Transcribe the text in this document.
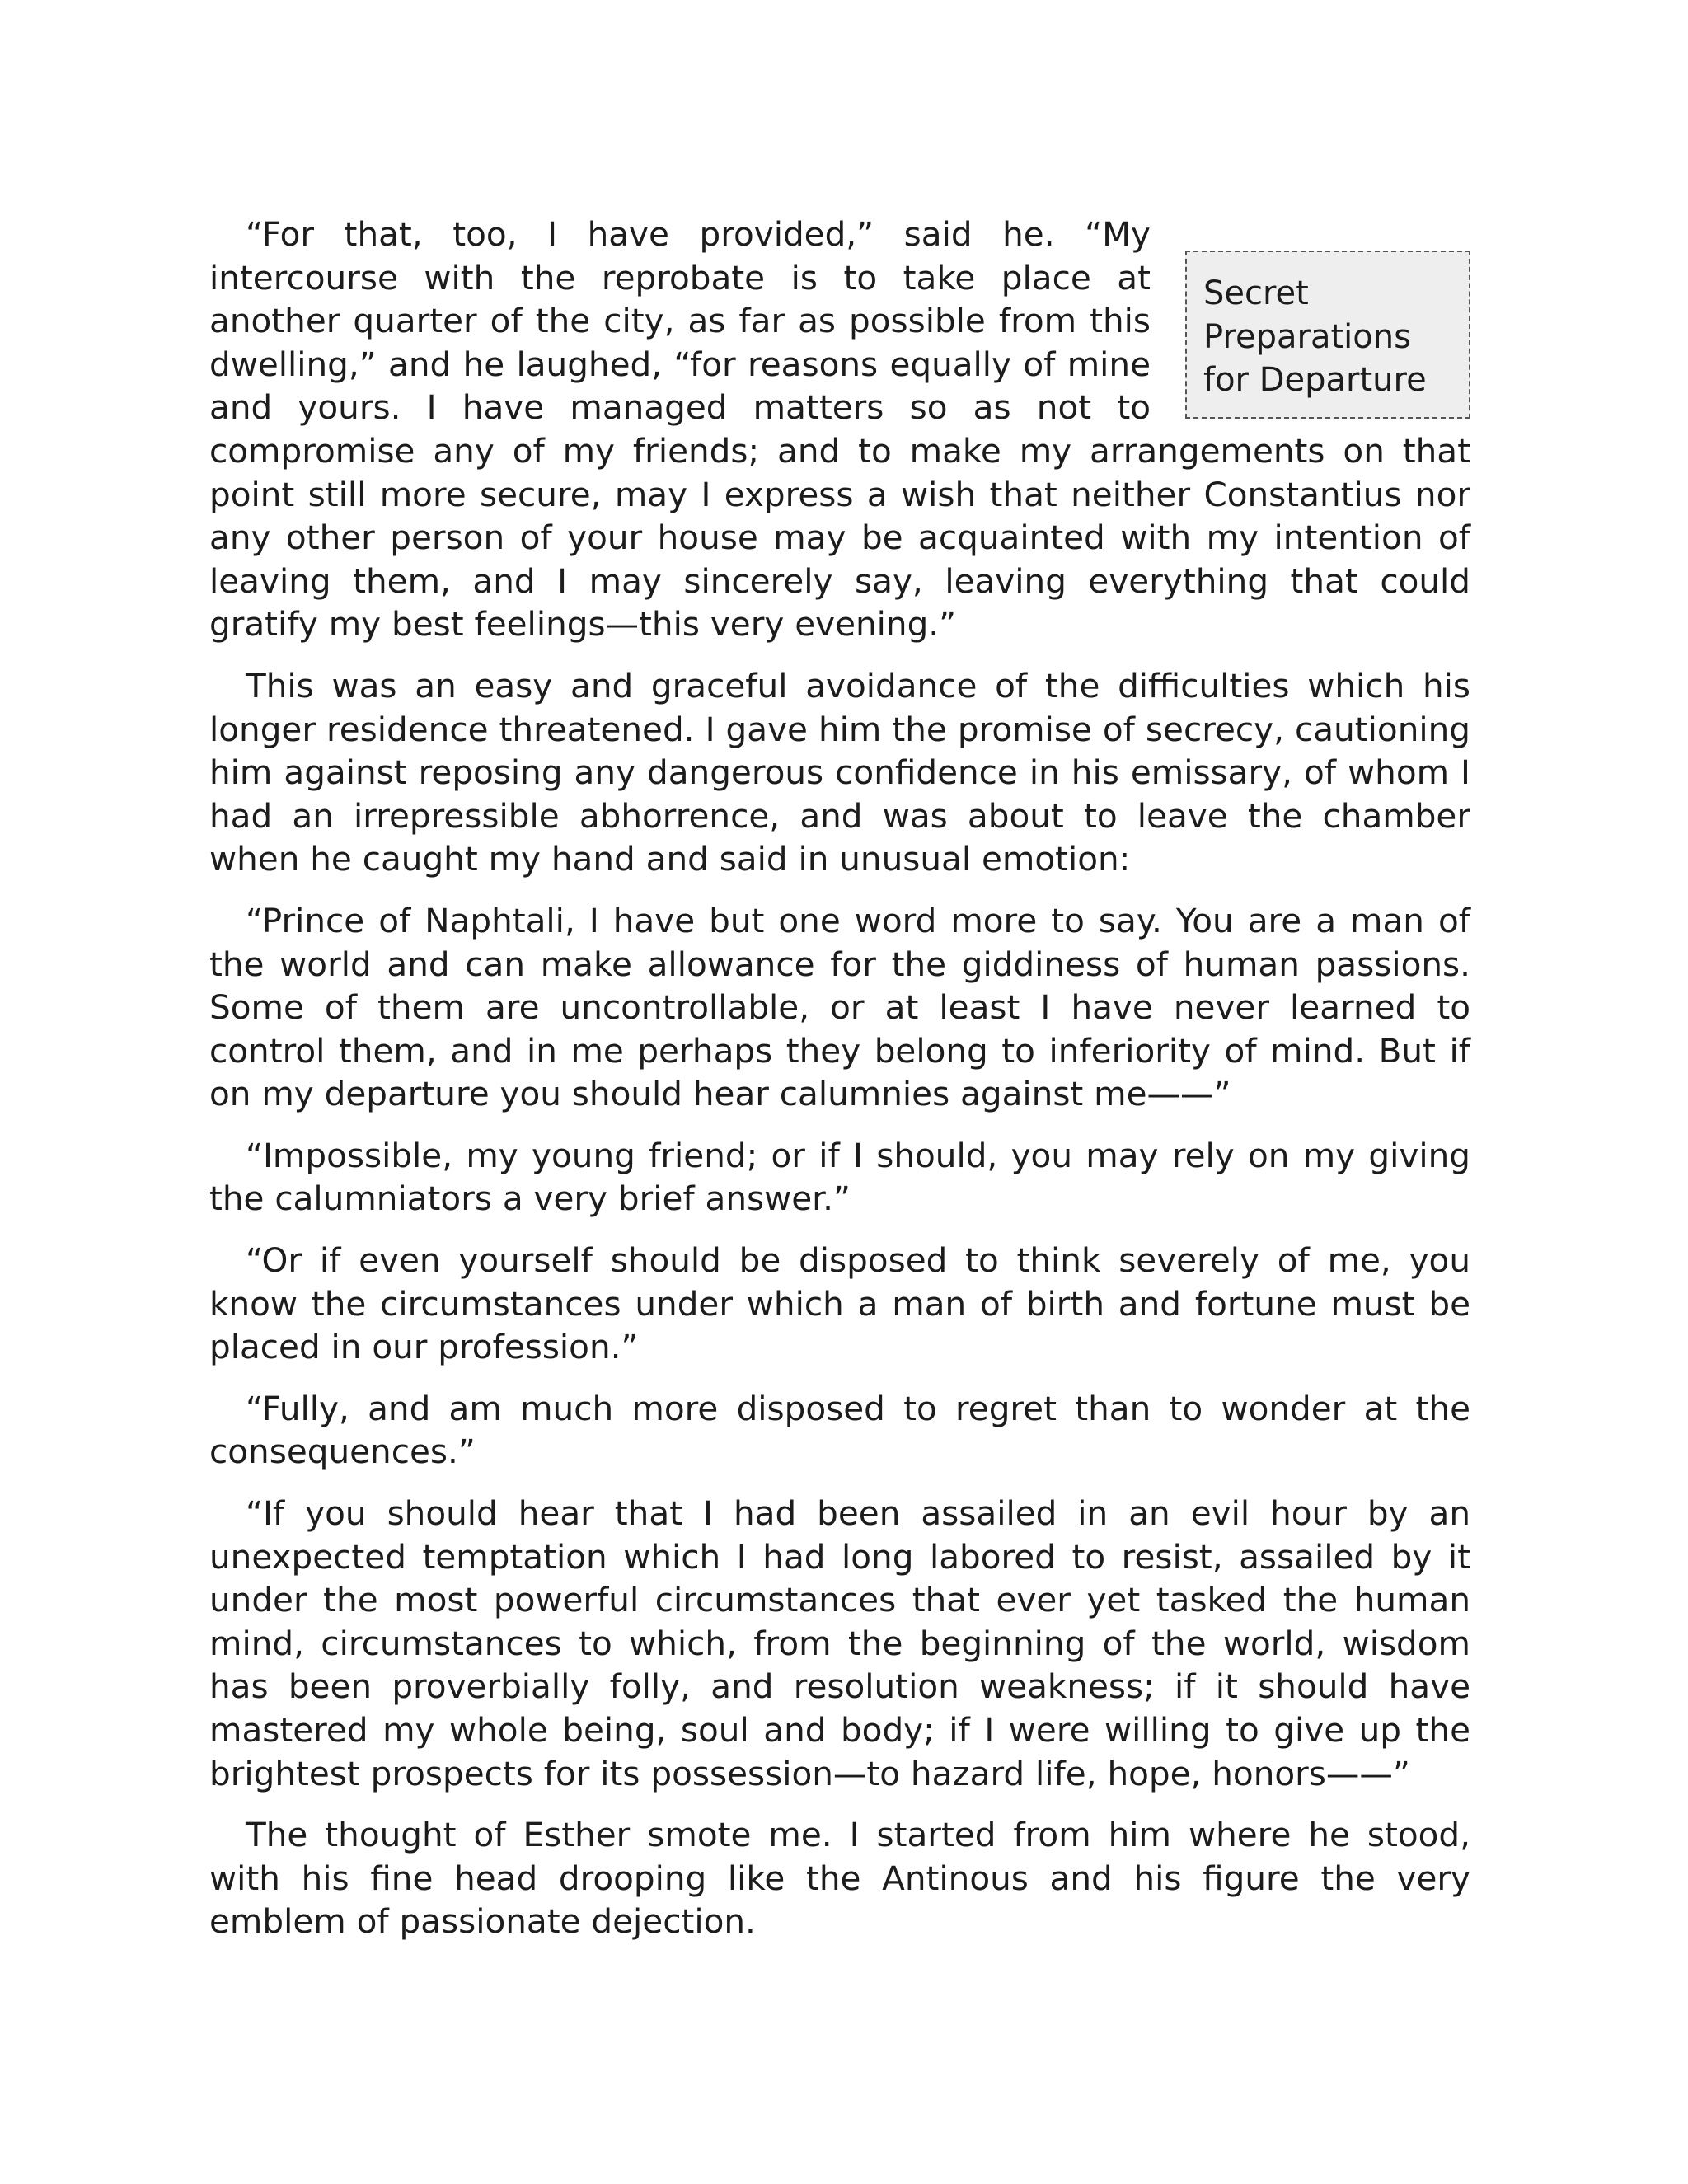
Secret Preparations for Departure

“For that, too, I have provided,” said he. “My intercourse with the reprobate is to take place at another quarter of the city, as far as possible from this dwelling,” and he laughed, “for reasons equally of mine and yours. I have managed matters so as not to compromise any of my friends; and to make my arrangements on that point still more secure, may I express a wish that neither Constantius nor any other person of your house may be acquainted with my intention of leaving them, and I may sincerely say, leaving everything that could gratify my best feelings—this very evening.”

This was an easy and graceful avoidance of the difficulties which his longer residence threatened. I gave him the promise of secrecy, cautioning him against reposing any dangerous confidence in his emissary, of whom I had an irrepressible abhorrence, and was about to leave the chamber when he caught my hand and said in unusual emotion:

“Prince of Naphtali, I have but one word more to say. You are a man of the world and can make allowance for the giddiness of human passions. Some of them are uncontrollable, or at least I have never learned to control them, and in me perhaps they belong to inferiority of mind. But if on my departure you should hear calumnies against me——”

“Impossible, my young friend; or if I should, you may rely on my giving the calumniators a very brief answer.”

“Or if even yourself should be disposed to think severely of me, you know the circumstances under which a man of birth and fortune must be placed in our profession.”

“Fully, and am much more disposed to regret than to wonder at the consequences.”

“If you should hear that I had been assailed in an evil hour by an unexpected temptation which I had long labored to resist, assailed by it under the most powerful circumstances that ever yet tasked the human mind, circumstances to which, from the beginning of the world, wisdom has been proverbially folly, and resolution weakness; if it should have mastered my whole being, soul and body; if I were willing to give up the brightest prospects for its possession—to hazard life, hope, honors——”

The thought of Esther smote me. I started from him where he stood, with his fine head drooping like the Antinous and his figure the very emblem of passionate dejection.
